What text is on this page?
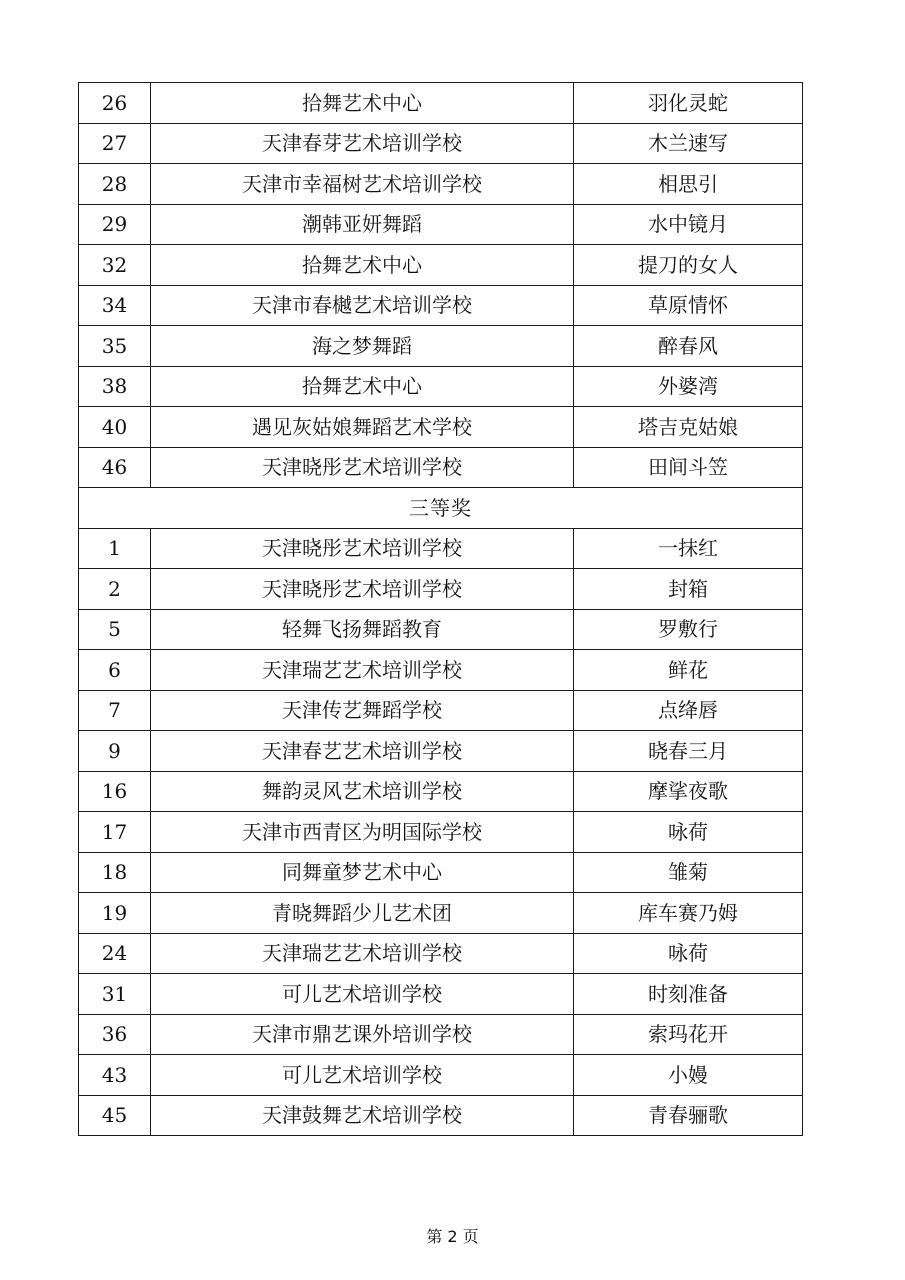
26	拾舞艺术中心	羽化灵蛇
27	天津春芽艺术培训学校	木兰速写
28	天津市幸福树艺术培训学校	相思引
29	潮韩亚妍舞蹈	水中镜月
32	拾舞艺术中心	提刀的女人
34	天津市春樾艺术培训学校	草原情怀
35	海之梦舞蹈	醉春风
38	拾舞艺术中心	外婆湾
40	遇见灰姑娘舞蹈艺术学校	塔吉克姑娘
46	天津晓彤艺术培训学校	田间斗笠
三等奖		
1	天津晓彤艺术培训学校	一抹红
2	天津晓彤艺术培训学校	封箱
5	轻舞飞扬舞蹈教育	罗敷行
6	天津瑞艺艺术培训学校	鲜花
7	天津传艺舞蹈学校	点绛唇
9	天津春艺艺术培训学校	晓春三月
16	舞韵灵风艺术培训学校	摩挲夜歌
17	天津市西青区为明国际学校	咏荷
18	同舞童梦艺术中心	雏菊
19	青晓舞蹈少儿艺术团	库车赛乃姆
24	天津瑞艺艺术培训学校	咏荷
31	可儿艺术培训学校	时刻准备
36	天津市鼎艺课外培训学校	索玛花开
43	可儿艺术培训学校	小嫚
45	天津鼓舞艺术培训学校	青春骊歌
第 2 页
